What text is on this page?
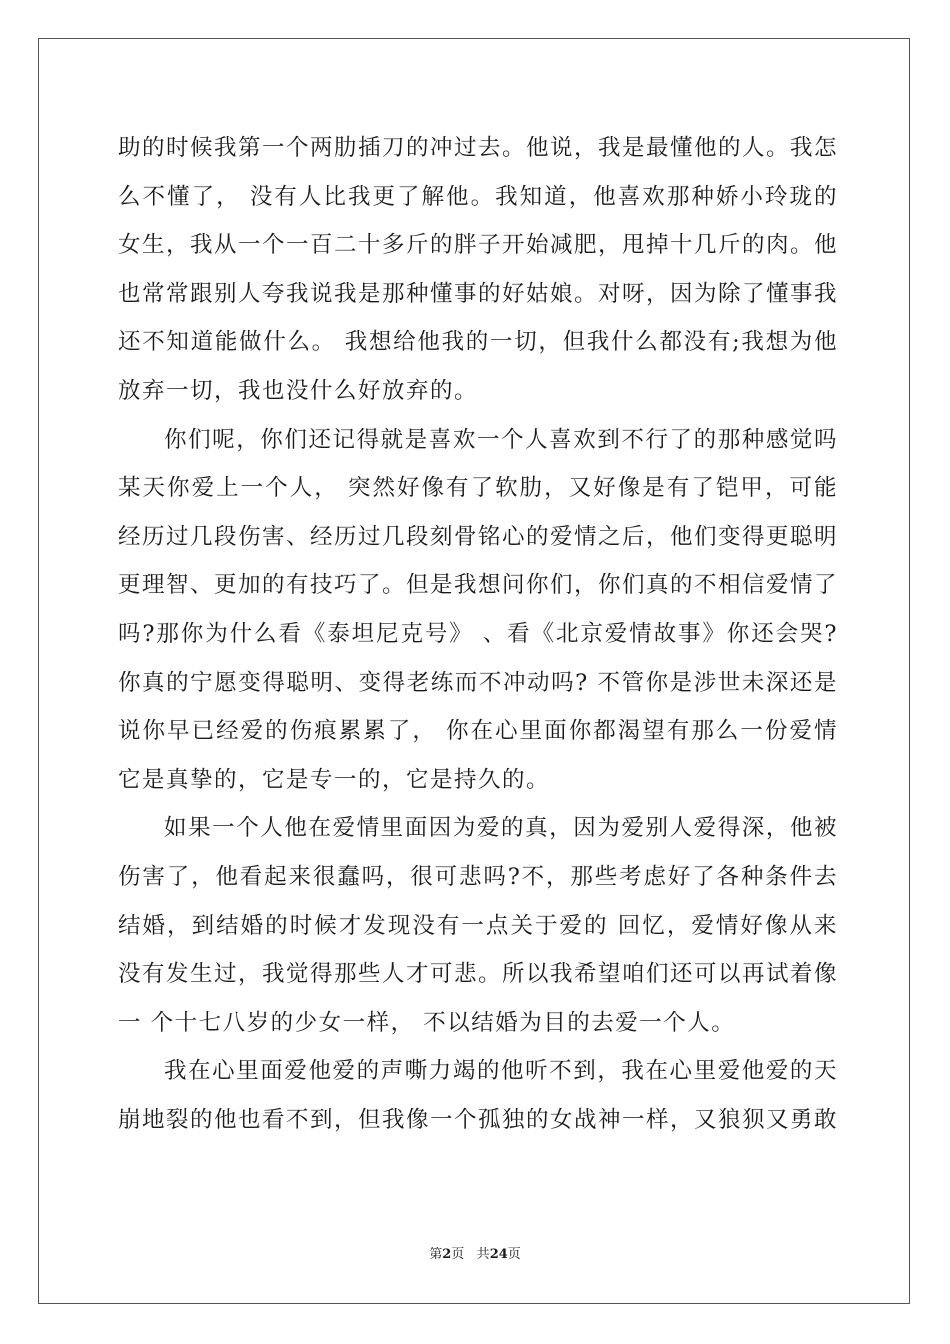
助的时候我第一个两肋插刀的冲过去。他说，我是最懂他的人。我怎
么不懂了， 没有人比我更了解他。我知道，他喜欢那种娇小玲珑的
女生，我从一个一百二十多斤的胖子开始减肥，甩掉十几斤的肉。他
也常常跟别人夸我说我是那种懂事的好姑娘。对呀，因为除了懂事我
还不知道能做什么。 我想给他我的一切，但我什么都没有;我想为他
放弃一切，我也没什么好放弃的。
你们呢，你们还记得就是喜欢一个人喜欢到不行了的那种感觉吗
某天你爱上一个人， 突然好像有了软肋，又好像是有了铠甲，可能
经历过几段伤害、经历过几段刻骨铭心的爱情之后，他们变得更聪明
更理智、更加的有技巧了。但是我想问你们，你们真的不相信爱情了
吗?那你为什么看《泰坦尼克号》 、看《北京爱情故事》你还会哭?
你真的宁愿变得聪明、变得老练而不冲动吗? 不管你是涉世未深还是
说你早已经爱的伤痕累累了， 你在心里面你都渴望有那么一份爱情
它是真挚的，它是专一的，它是持久的。
如果一个人他在爱情里面因为爱的真，因为爱别人爱得深，他被
伤害了，他看起来很蠢吗，很可悲吗?不，那些考虑好了各种条件去
结婚，到结婚的时候才发现没有一点关于爱的 回忆，爱情好像从来
没有发生过，我觉得那些人才可悲。所以我希望咱们还可以再试着像
一 个十七八岁的少女一样， 不以结婚为目的去爱一个人。
我在心里面爱他爱的声嘶力竭的他听不到，我在心里爱他爱的天
崩地裂的他也看不到，但我像一个孤独的女战神一样，又狼狈又勇敢
第2页 共24页
